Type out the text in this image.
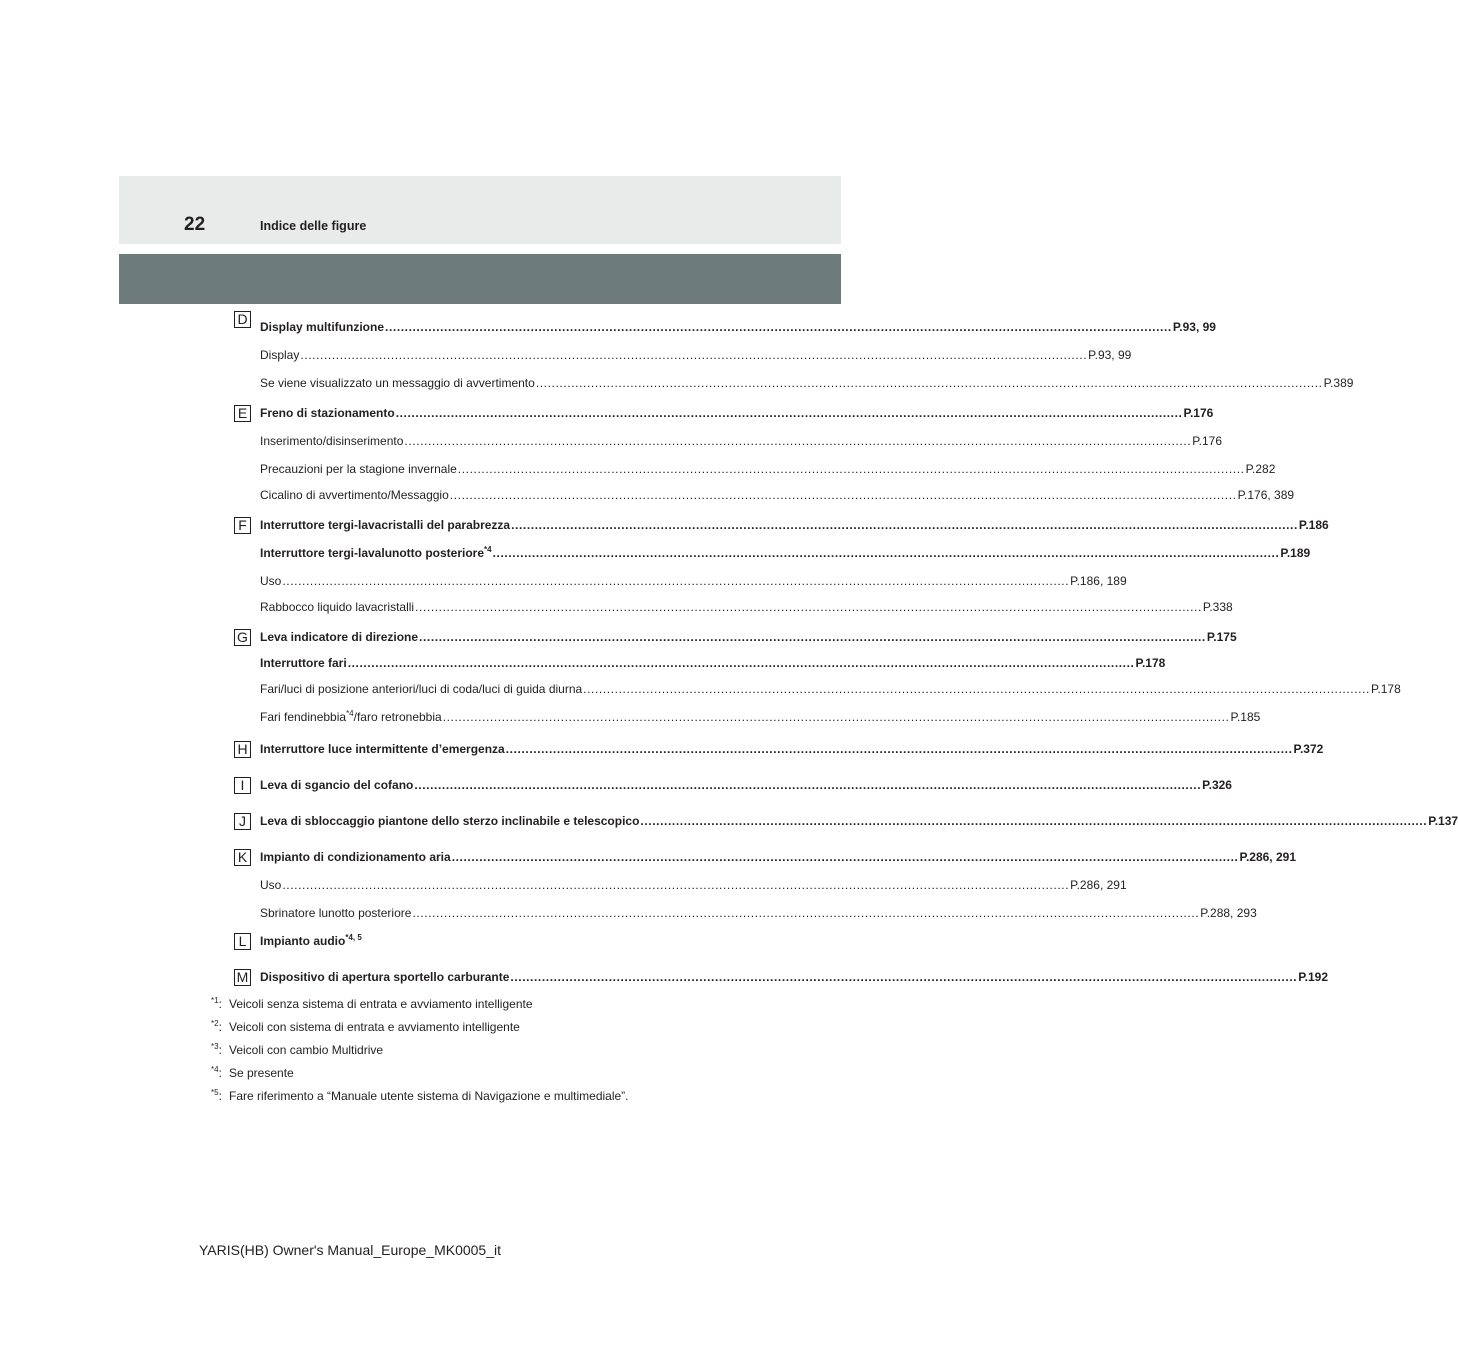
22	Indice delle figure
D Display multifunzione ........................................................................................................................................................................................................ P.93, 99
Display ........................................................................................................................................................................................................ P.93, 99
Se viene visualizzato un messaggio di avvertimento ........................................................................................................................................................................................................ P.389
E	Freno di stazionamento ........................................................................................................................................................................................................ P.176
Inserimento/disinserimento ........................................................................................................................................................................................................ P.176
Precauzioni per la stagione invernale ........................................................................................................................................................................................................ P.282
Cicalino di avvertimento/Messaggio ........................................................................................................................................................................................................ P.176, 389
F	Interruttore tergi-lavacristalli del parabrezza ........................................................................................................................................................................................................ P.186
Interruttore tergi-lavalunotto posteriore$^{*4}$ ........................................................................................................................................................................................................ P.189
Uso ........................................................................................................................................................................................................ P.186, 189
Rabbocco liquido lavacristalli ........................................................................................................................................................................................................ P.338
G Leva indicatore di direzione ........................................................................................................................................................................................................ P.175
Interruttore fari ........................................................................................................................................................................................................ P.178
Fari/luci di posizione anteriori/luci di coda/luci di guida diurna ........................................................................................................................................................................................................ P.178
Fari fendinebbia$^{*4}$/faro retronebbia ........................................................................................................................................................................................................ P.185
H Interruttore luce intermittente d’emergenza ........................................................................................................................................................................................................ P.372
I	Leva di sgancio del cofano ........................................................................................................................................................................................................ P.326
J	Leva di sbloccaggio piantone dello sterzo inclinabile e telescopico ........................................................................................................................................................................................................ P.137
K	Impianto di condizionamento aria ........................................................................................................................................................................................................ P.286, 291
Uso ........................................................................................................................................................................................................ P.286, 291
Sbrinatore lunotto posteriore ........................................................................................................................................................................................................ P.288, 293
L	Impianto audio$^{*4, 5}$
M Dispositivo di apertura sportello carburante ........................................................................................................................................................................................................ P.192
$^{*1}$: Veicoli senza sistema di entrata e avviamento intelligente
$^{*2}$: Veicoli con sistema di entrata e avviamento intelligente
$^{*3}$: Veicoli con cambio Multidrive
$^{*4}$: Se presente
$^{*5}$: Fare riferimento a “Manuale utente sistema di Navigazione e multimediale”.
YARIS(HB) Owner's Manual_Europe_MK0005_it
